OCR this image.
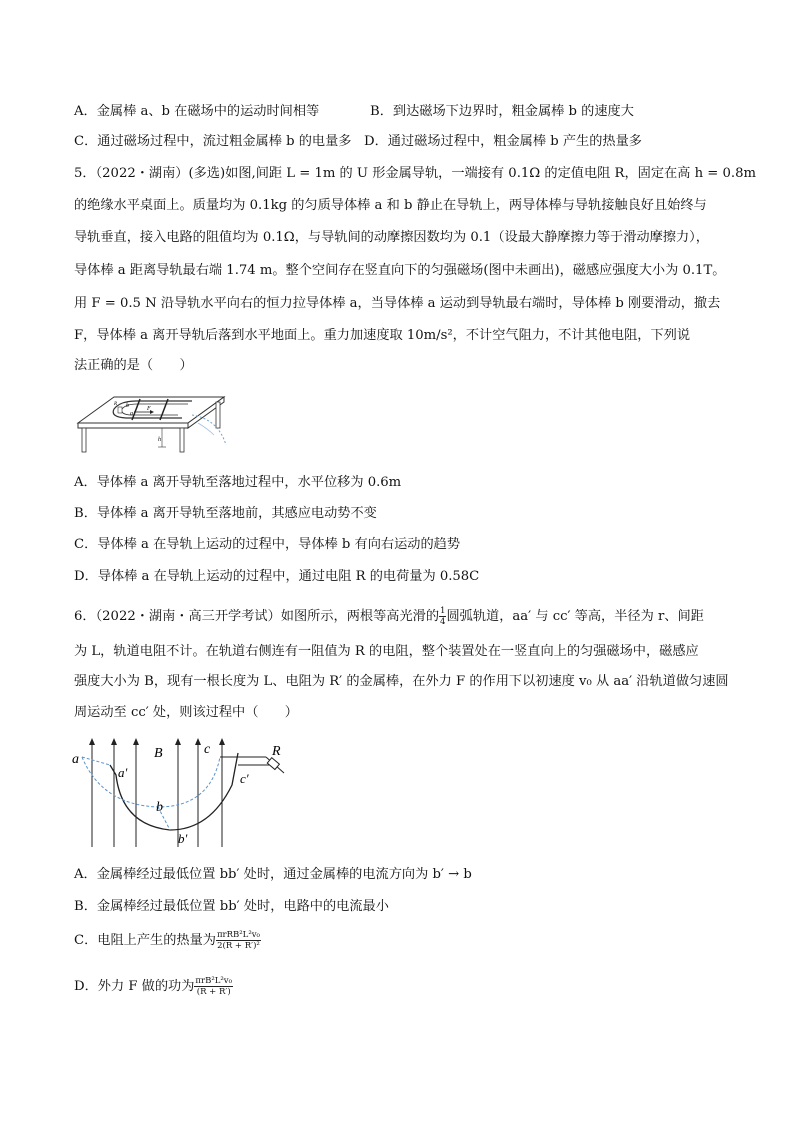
A．金属棒 a、b 在磁场中的运动时间相等	B．到达磁场下边界时，粗金属棒 b 的速度大
C．通过磁场过程中，流过粗金属棒 b 的电量多 D．通过磁场过程中，粗金属棒 b 产生的热量多
5．（2022・湖南）(多选)如图,间距 L = 1m 的 U 形金属导轨，一端接有 0.1Ω 的定值电阻 R，固定在高 h = 0.8m
的绝缘水平桌面上。质量均为 0.1kg 的匀质导体棒 a 和 b 静止在导轨上，两导体棒与导轨接触良好且始终与
导轨垂直，接入电路的阻值均为 0.1Ω，与导轨间的动摩擦因数均为 0.1（设最大静摩擦力等于滑动摩擦力），
导体棒 a 距离导轨最右端 1.74 m。整个空间存在竖直向下的匀强磁场(图中未画出)，磁感应强度大小为 0.1T。
用 F = 0.5 N 沿导轨水平向右的恒力拉导体棒 a，当导体棒 a 运动到导轨最右端时，导体棒 b 刚要滑动，撤去
F，导体棒 a 离开导轨后落到水平地面上。重力加速度取 10m/s²，不计空气阻力，不计其他电阻，下列说
法正确的是（　　）
b
a
F
R
h
A．导体棒 a 离开导轨至落地过程中，水平位移为 0.6m
B．导体棒 a 离开导轨至落地前，其感应电动势不变
C．导体棒 a 在导轨上运动的过程中，导体棒 b 有向右运动的趋势
D．导体棒 a 在导轨上运动的过程中，通过电阻 R 的电荷量为 0.58C
6．（2022・湖南・高三开学考试）如图所示，两根等高光滑的 $\frac{1}{4}$ 圆弧轨道，aa′ 与 cc′ 等高，半径为 r、间距
为 L，轨道电阻不计。在轨道右侧连有一阻值为 R 的电阻，整个装置处在一竖直向上的匀强磁场中，磁感应
强度大小为 B，现有一根长度为 L、电阻为 R′ 的金属棒，在外力 F 的作用下以初速度 v₀ 从 aa′ 沿轨道做匀速圆
周运动至 cc′ 处，则该过程中（　　）
a
a′
B	c	R
c′
b
b′
A．金属棒经过最低位置 bb′ 处时，通过金属棒的电流方向为 b′ → b
B．金属棒经过最低位置 bb′ 处时，电路中的电流最小
C．电阻上产生的热量为 $\frac{\text{πrRB²L²v₀}}{\text{2(R + R′)²}}$
D．外力 F 做的功为 $\frac{\text{πrB²L²v₀}}{(R + R')}$
